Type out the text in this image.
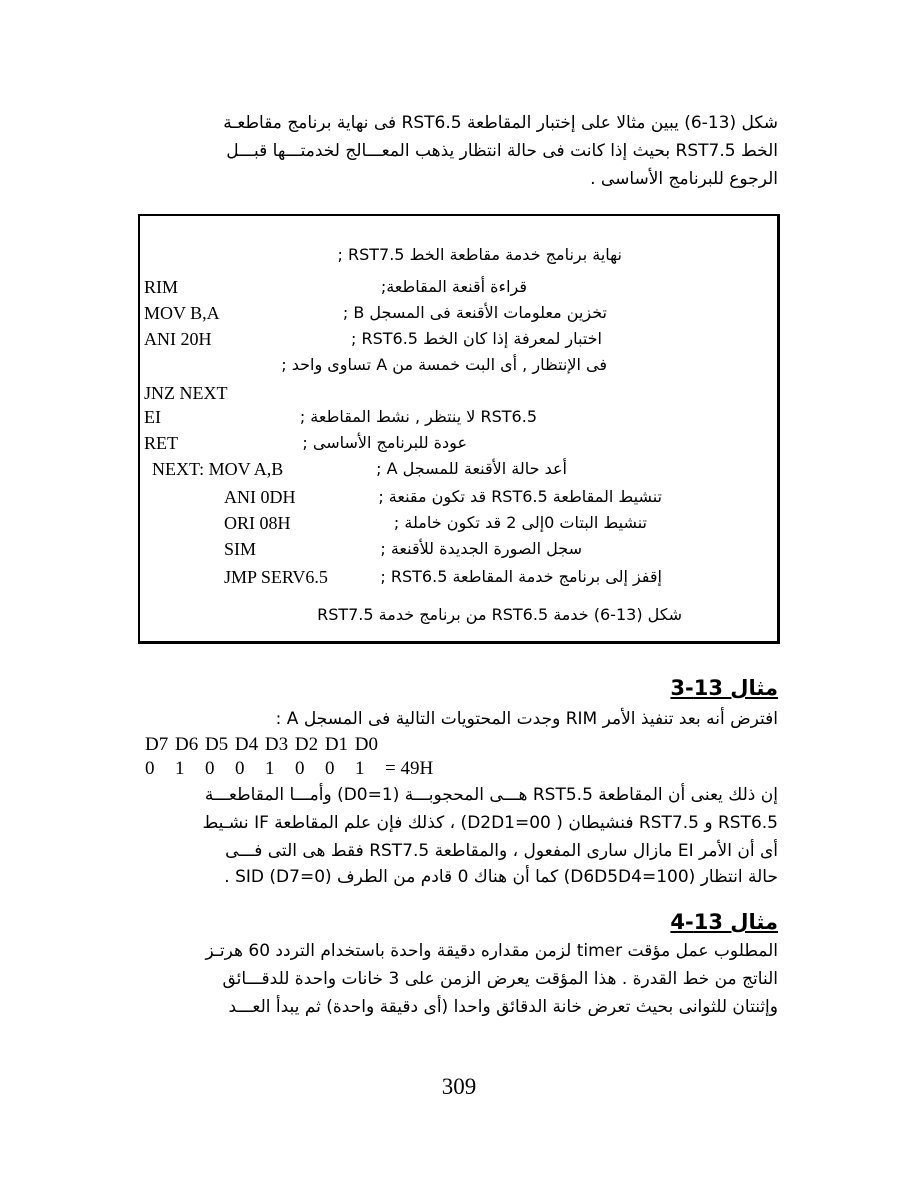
شكل (13-6) يبين مثالا على إختبار المقاطعة RST6.5 فى نهاية برنامج مقاطعـة
الخط RST7.5 بحيث إذا كانت فى حالة انتظار يذهب المعـــالج لخدمتـــها قبـــل
الرجوع للبرنامج الأساسى .
نهاية برنامج خدمة مقاطعة الخط RST7.5 ;
RIM	قراءة أقنعة المقاطعة;
MOV B,A	تخزين معلومات الأقنعة فى المسجل B ;
ANI 20H	اختبار لمعرفة إذا كان الخط RST6.5 ;
فى الإنتظار , أى البت خمسة من A تساوى واحد ;
JNZ NEXT
EI	RST6.5 لا ينتظر , نشط المقاطعة ;
RET	عودة للبرنامج الأساسى ;
NEXT: MOV A,B	أعد حالة الأقنعة للمسجل A ;
ANI 0DH	تنشيط المقاطعة RST6.5 قد تكون مقنعة ;
ORI 08H	تنشيط البتات 0إلى 2 قد تكون خاملة ;
SIM	سجل الصورة الجديدة للأقنعة ;
JMP SERV6.5	إقفز إلى برنامج خدمة المقاطعة RST6.5 ;
شكل (13-6) خدمة RST6.5 من برنامج خدمة RST7.5
مثال 13-3
افترض أنه بعد تنفيذ الأمر RIM وجدت المحتويات التالية فى المسجل A :
D7 D6 D5 D4 D3 D2 D1 D0
0 1 0 0 1 0 0 1 = 49H
إن ذلك يعنى أن المقاطعة RST5.5 هـــى المحجوبـــة (D0=1) وأمـــا المقاطعـــة
RST6.5 و RST7.5 فنشيطان ( D2D1=00) ، كذلك فإن علم المقاطعة IF نشـيط
أى أن الأمر EI مازال سارى المفعول ، والمقاطعة RST7.5 فقط هى التى فـــى
حالة انتظار (D6D5D4=100) كما أن هناك 0 قادم من الطرف SID (D7=0) .
مثال 13-4
المطلوب عمل مؤقت timer لزمن مقداره دقيقة واحدة باستخدام التردد 60 هرتـز
الناتج من خط القدرة . هذا المؤقت يعرض الزمن على 3 خانات واحدة للدقـــائق
وإثنتان للثوانى بحيث تعرض خانة الدقائق واحدا (أى دقيقة واحدة) ثم يبدأ العـــد
309
